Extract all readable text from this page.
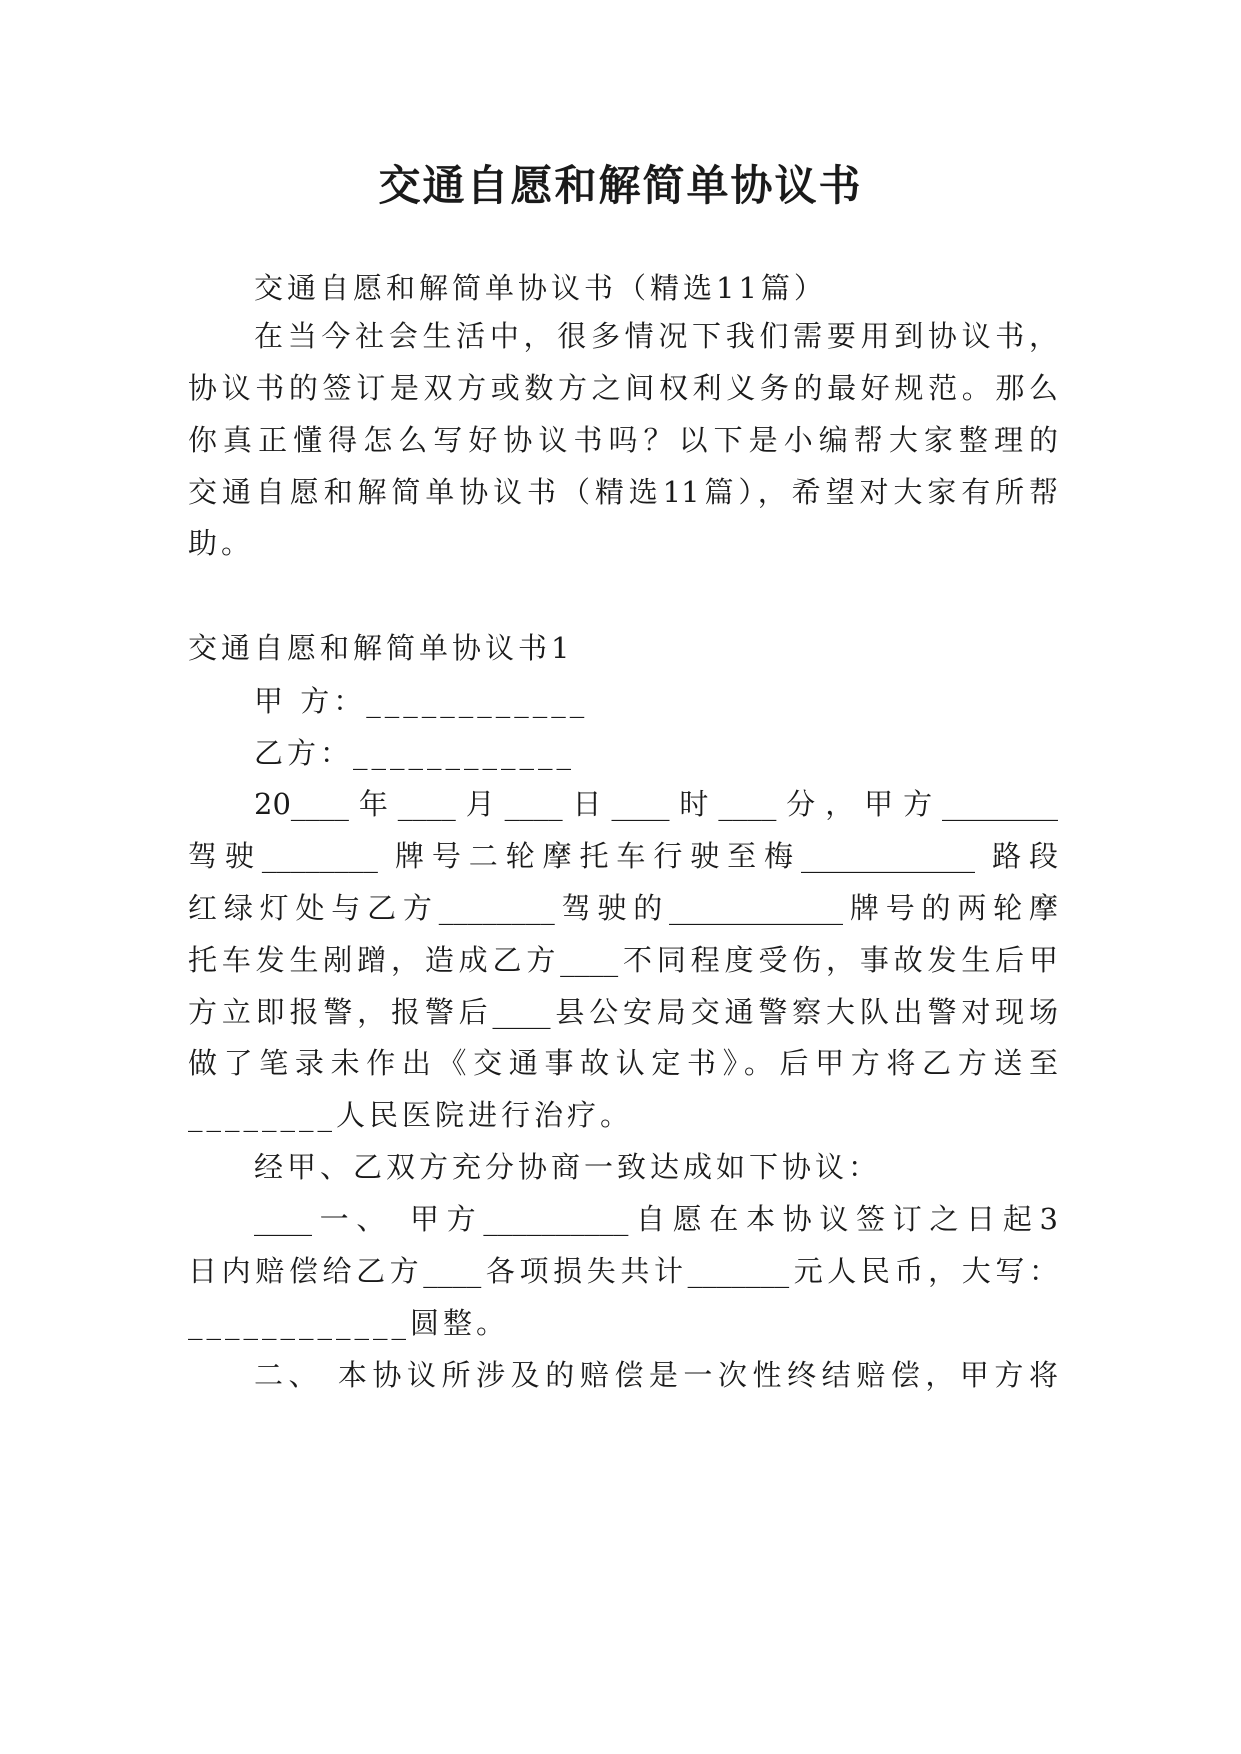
交通自愿和解简单协议书
交通自愿和解简单协议书（精选11篇）
在当今社会生活中，很多情况下我们需要用到协议书，
协议书的签订是双方或数方之间权利义务的最好规范。那么
你真正懂得怎么写好协议书吗？以下是小编帮大家整理的
交通自愿和解简单协议书（精选11篇），希望对大家有所帮
助。
交通自愿和解简单协议书1
甲 方：____________
乙方：____________
20____年____月____日____时____分，甲方________
驾驶________ 牌号二轮摩托车行驶至梅____________ 路段
红绿灯处与乙方________驾驶的____________牌号的两轮摩
托车发生剐蹭，造成乙方____不同程度受伤，事故发生后甲
方立即报警，报警后____县公安局交通警察大队出警对现场
做了笔录未作出《交通事故认定书》。后甲方将乙方送至
________人民医院进行治疗。
经甲、乙双方充分协商一致达成如下协议：
____一、 甲方__________自愿在本协议签订之日起3
日内赔偿给乙方____各项损失共计_______元人民币，大写：
____________圆整。
二、 本协议所涉及的赔偿是一次性终结赔偿，甲方将
